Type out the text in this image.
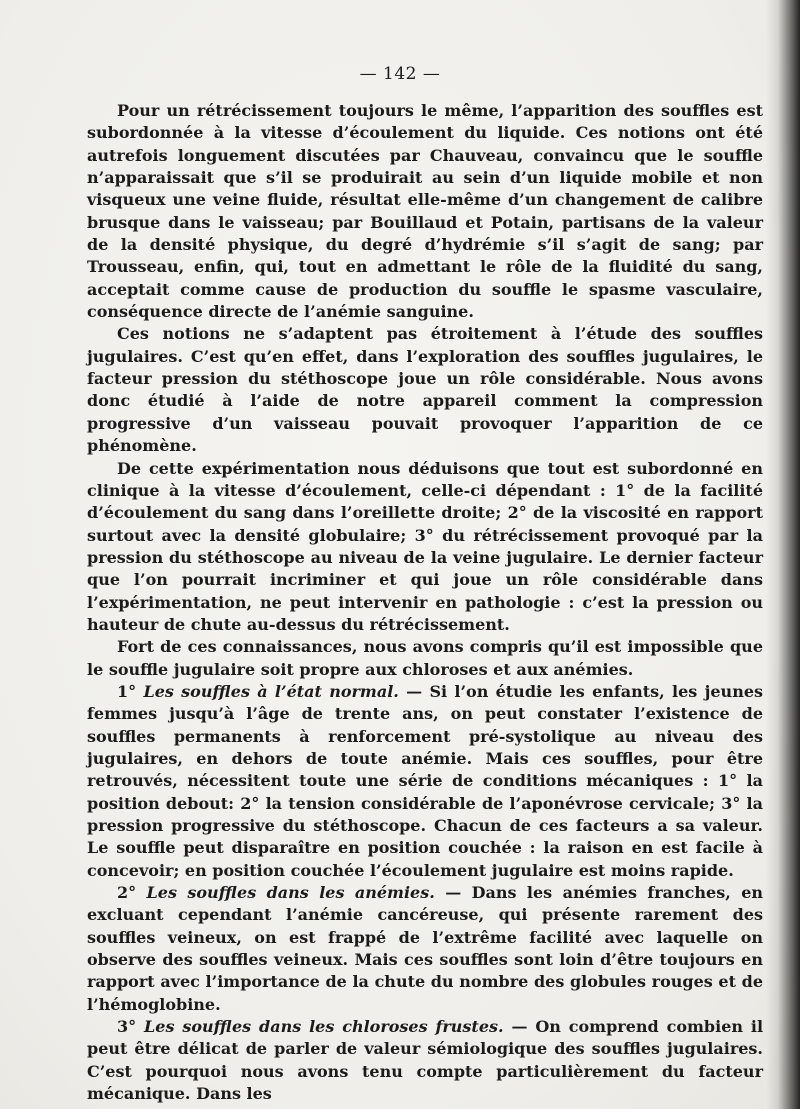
— 142 —

Pour un rétrécissement toujours le même, l’apparition des souffles est subordonnée à la vitesse d’écoulement du liquide. Ces notions ont été autrefois longuement discutées par Chauveau, convaincu que le souffle n’apparaissait que s’il se produirait au sein d’un liquide mobile et non visqueux une veine fluide, résultat elle-même d’un changement de calibre brusque dans le vaisseau; par Bouillaud et Potain, partisans de la valeur de la densité physique, du degré d’hydrémie s’il s’agit de sang; par Trousseau, enfin, qui, tout en admettant le rôle de la fluidité du sang, acceptait comme cause de production du souffle le spasme vasculaire, conséquence directe de l’anémie sanguine.

Ces notions ne s’adaptent pas étroitement à l’étude des souffles jugulaires. C’est qu’en effet, dans l’exploration des souffles jugulaires, le facteur pression du stéthoscope joue un rôle considérable. Nous avons donc étudié à l’aide de notre appareil comment la compression progressive d’un vaisseau pouvait provoquer l’apparition de ce phénomène.

De cette expérimentation nous déduisons que tout est subordonné en clinique à la vitesse d’écoulement, celle-ci dépendant : 1° de la facilité d’écoulement du sang dans l’oreillette droite; 2° de la viscosité en rapport surtout avec la densité globulaire; 3° du rétrécissement provoqué par la pression du stéthoscope au niveau de la veine jugulaire. Le dernier facteur que l’on pourrait incriminer et qui joue un rôle considérable dans l’expérimentation, ne peut intervenir en pathologie : c’est la pression ou hauteur de chute au-dessus du rétrécissement.

Fort de ces connaissances, nous avons compris qu’il est impossible que le souffle jugulaire soit propre aux chloroses et aux anémies.

1° Les souffles à l’état normal. — Si l’on étudie les enfants, les jeunes femmes jusqu’à l’âge de trente ans, on peut constater l’existence de souffles permanents à renforcement pré-systolique au niveau des jugulaires, en dehors de toute anémie. Mais ces souffles, pour être retrouvés, nécessitent toute une série de conditions mécaniques : 1° la position debout: 2° la tension considérable de l’aponévrose cervicale; 3° la pression progressive du stéthoscope. Chacun de ces facteurs a sa valeur. Le souffle peut disparaître en position couchée : la raison en est facile à concevoir; en position couchée l’écoulement jugulaire est moins rapide.

2° Les souffles dans les anémies. — Dans les anémies franches, en excluant cependant l’anémie cancéreuse, qui présente rarement des souffles veineux, on est frappé de l’extrême facilité avec laquelle on observe des souffles veineux. Mais ces souffles sont loin d’être toujours en rapport avec l’importance de la chute du nombre des globules rouges et de l’hémoglobine.

3° Les souffles dans les chloroses frustes. — On comprend combien il peut être délicat de parler de valeur sémiologique des souffles jugulaires. C’est pourquoi nous avons tenu compte particulièrement du facteur mécanique. Dans les
